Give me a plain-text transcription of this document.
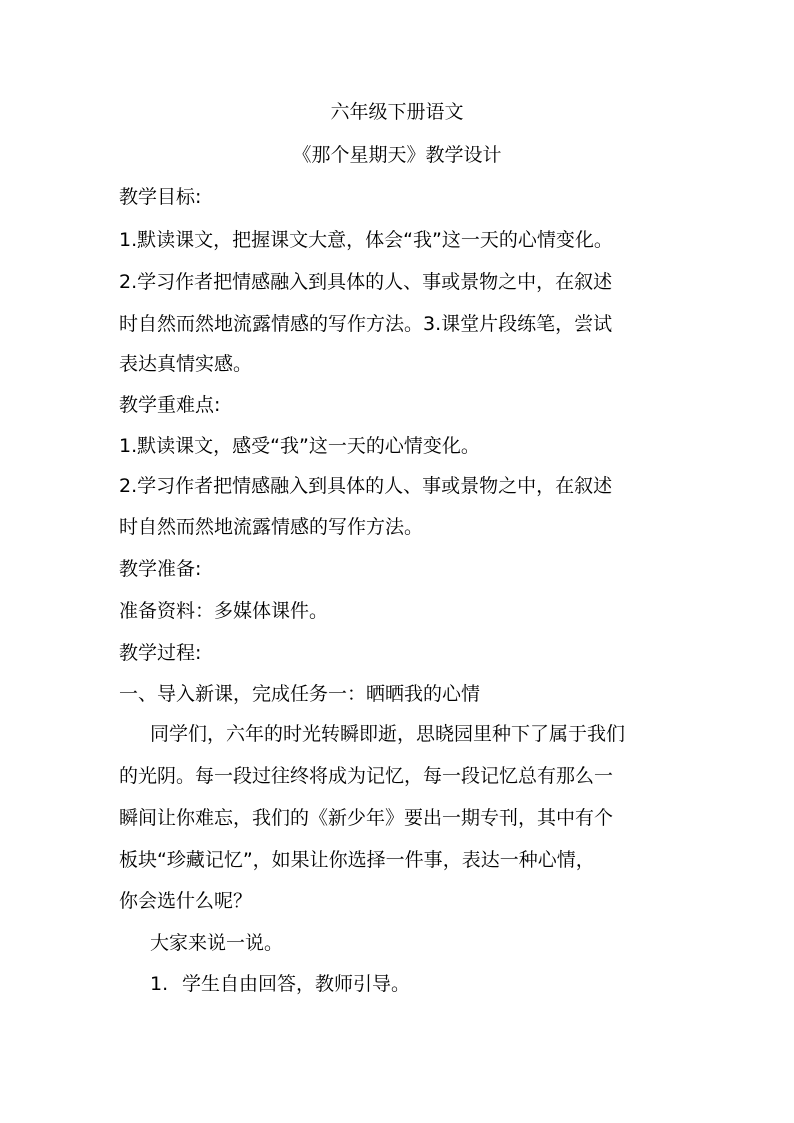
六年级下册语文
《那个星期天》教学设计
教学目标:
1.默读课文，把握课文大意，体会“我”这一天的心情变化。
2.学习作者把情感融入到具体的人、事或景物之中，在叙述
时自然而然地流露情感的写作方法。3.课堂片段练笔，尝试
表达真情实感。
教学重难点:
1.默读课文，感受“我”这一天的心情变化。
2.学习作者把情感融入到具体的人、事或景物之中，在叙述
时自然而然地流露情感的写作方法。
教学准备:
准备资料：多媒体课件。
教学过程:
一、导入新课，完成任务一：晒晒我的心情
同学们，六年的时光转瞬即逝，思晓园里种下了属于我们
的光阴。每一段过往终将成为记忆，每一段记忆总有那么一
瞬间让你难忘，我们的《新少年》要出一期专刊，其中有个
板块“珍藏记忆”，如果让你选择一件事，表达一种心情，
你会选什么呢？
大家来说一说。
1. 学生自由回答，教师引导。
